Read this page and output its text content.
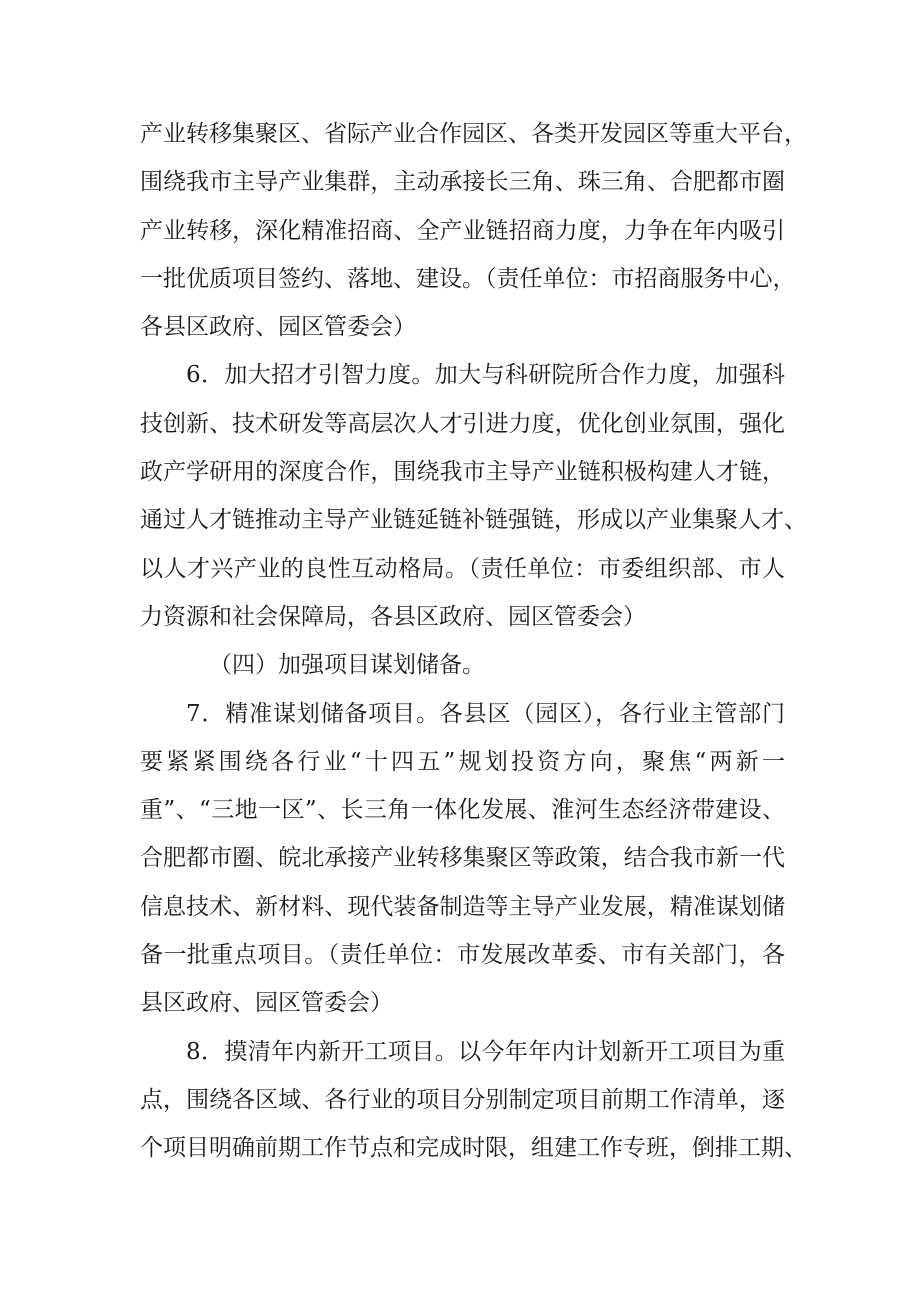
产业转移集聚区、省际产业合作园区、各类开发园区等重大平台，
围绕我市主导产业集群，主动承接长三角、珠三角、合肥都市圈
产业转移，深化精准招商、全产业链招商力度，力争在年内吸引
一批优质项目签约、落地、建设。（责任单位：市招商服务中心，
各县区政府、园区管委会）
6．加大招才引智力度。加大与科研院所合作力度，加强科
技创新、技术研发等高层次人才引进力度，优化创业氛围，强化
政产学研用的深度合作，围绕我市主导产业链积极构建人才链，
通过人才链推动主导产业链延链补链强链，形成以产业集聚人才、
以人才兴产业的良性互动格局。（责任单位：市委组织部、市人
力资源和社会保障局，各县区政府、园区管委会）
（四）加强项目谋划储备。
7．精准谋划储备项目。各县区（园区），各行业主管部门
要紧紧围绕各行业“十四五”规划投资方向，聚焦“两新一
重”、“三地一区”、长三角一体化发展、淮河生态经济带建设、
合肥都市圈、皖北承接产业转移集聚区等政策，结合我市新一代
信息技术、新材料、现代装备制造等主导产业发展，精准谋划储
备一批重点项目。（责任单位：市发展改革委、市有关部门，各
县区政府、园区管委会）
8．摸清年内新开工项目。以今年年内计划新开工项目为重
点，围绕各区域、各行业的项目分别制定项目前期工作清单，逐
个项目明确前期工作节点和完成时限，组建工作专班，倒排工期、
